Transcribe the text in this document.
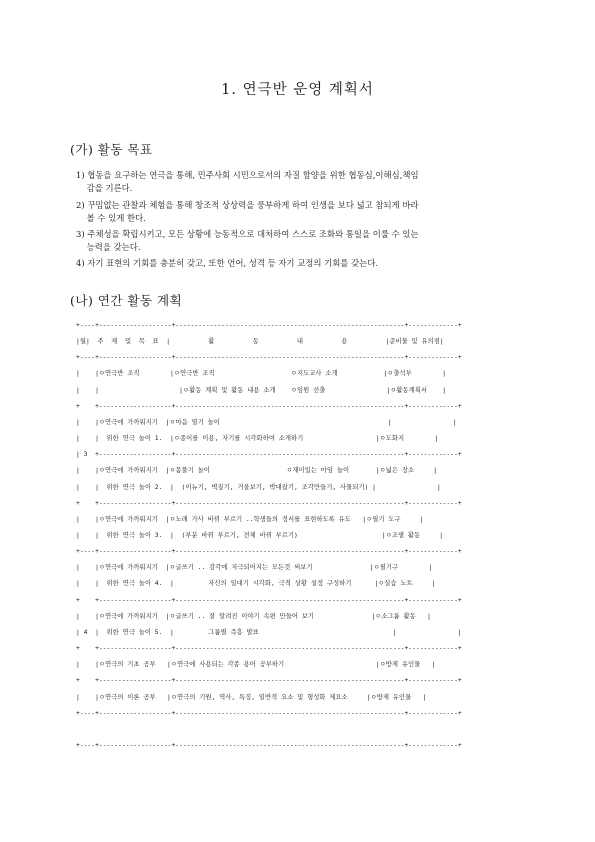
1. 연극반 운영 계획서
(가) 활동 목표
1) 협동을 요구하는 연극을 통해, 민주사회 시민으로서의 자질 함양을 위한 협동심,이해심,책임
감을 기른다.
2) 꾸밈없는 관찰과 체험을 통해 창조적 상상력을 풍부하게 하여 인생을 보다 넓고 참되게 바라
볼 수 있게 한다.
3) 주체성을 확립시키고, 모든 상황에 능동적으로 대처하여 스스로 조화와 통일을 이룰 수 있는
능력을 갖는다.
4) 자기 표현의 기회를 충분히 갖고, 또한 언어, 성격 등 자기 교정의 기회를 갖는다.
(나) 연간 활동 계획
+----+-------------------+------------------------------------------------------------+-------------+
|월|  주  제  및  목  표  |          활          동          내          용          |준비물 및 유의점|
+----+-------------------+------------------------------------------------------------+-------------+
|    |ㅇ연극반 조직        |ㅇ연극반 조직                    ㅇ지도교사 소개            |ㅇ출석부        |
|    |                     |ㅇ활동 계획 및 활동 내용 소개    ㅇ임원 선출                |ㅇ활동계획서    |
+    +-------------------+------------------------------------------------------------+-------------+
|    |ㅇ연극에 가까워지기  |ㅇ마음 열기 놀이                                            |                |
|    |  위한 연극 놀이 1.  |ㅇ종이를 이용, 자기를 시각화하여 소개하기                   |ㅇ도화지        |
| 3  +-------------------+------------------------------------------------------------+-------------+
|    |ㅇ연극에 가까워지기  |ㅇ몸풀기 놀이                    ㅇ재미있는 마임 놀이       |ㅇ넓은 장소     |
|    |  위한 연극 놀이 2.  |  (이뉴기, 벽짚기, 거울보기, 박대잡기, 조각만들기, 사물되기) |                |
+    +-------------------+------------------------------------------------------------+-------------+
|    |ㅇ연극에 가까워지기  |ㅇ노래 가사 바꿔 부르기 ..학생들의 정서를 표현하도록 유도   |ㅇ필기 도구     |
|    |  위한 연극 놀이 3.  |  (부분 바꿔 부르기, 전체 바꿔 부르기)                      |ㅇ조별 활동     |
+----+-------------------+------------------------------------------------------------+-------------+
|    |ㅇ연극에 가까워지기  |ㅇ글쓰기 .. 감각에 자극되어지는 모든것 써보기               |ㅇ필기구        |
|    |  위한 연극 놀이 4.  |         자신의 일대기 시각화, 극적 상황 설정 구성하기      |ㅇ실습 노트     |
+    +-------------------+------------------------------------------------------------+-------------+
|    |ㅇ연극에 가까워지기  |ㅇ글쓰기 .. 잘 알려진 이야기 속편 만들어 보기               |ㅇ소그룹 활동   |
| 4  |  위한 연극 놀이 5.  |         그룹별 즉흥 발표                                   |                |
+    +-------------------+------------------------------------------------------------+-------------+
|    |ㅇ연극의 기초 공부   |ㅇ연극에 사용되는 각종 용어 공부하기                        |ㅇ방제 유인물   |
+    +-------------------+------------------------------------------------------------+-------------+
|    |ㅇ연극의 이론 공부   |ㅇ연극의 기원, 역사, 특징, 일반적 요소 및 형성화 제요소     |ㅇ방제 유인물   |
+----+-------------------+------------------------------------------------------------+-------------+
+----+-------------------+------------------------------------------------------------+-------------+
